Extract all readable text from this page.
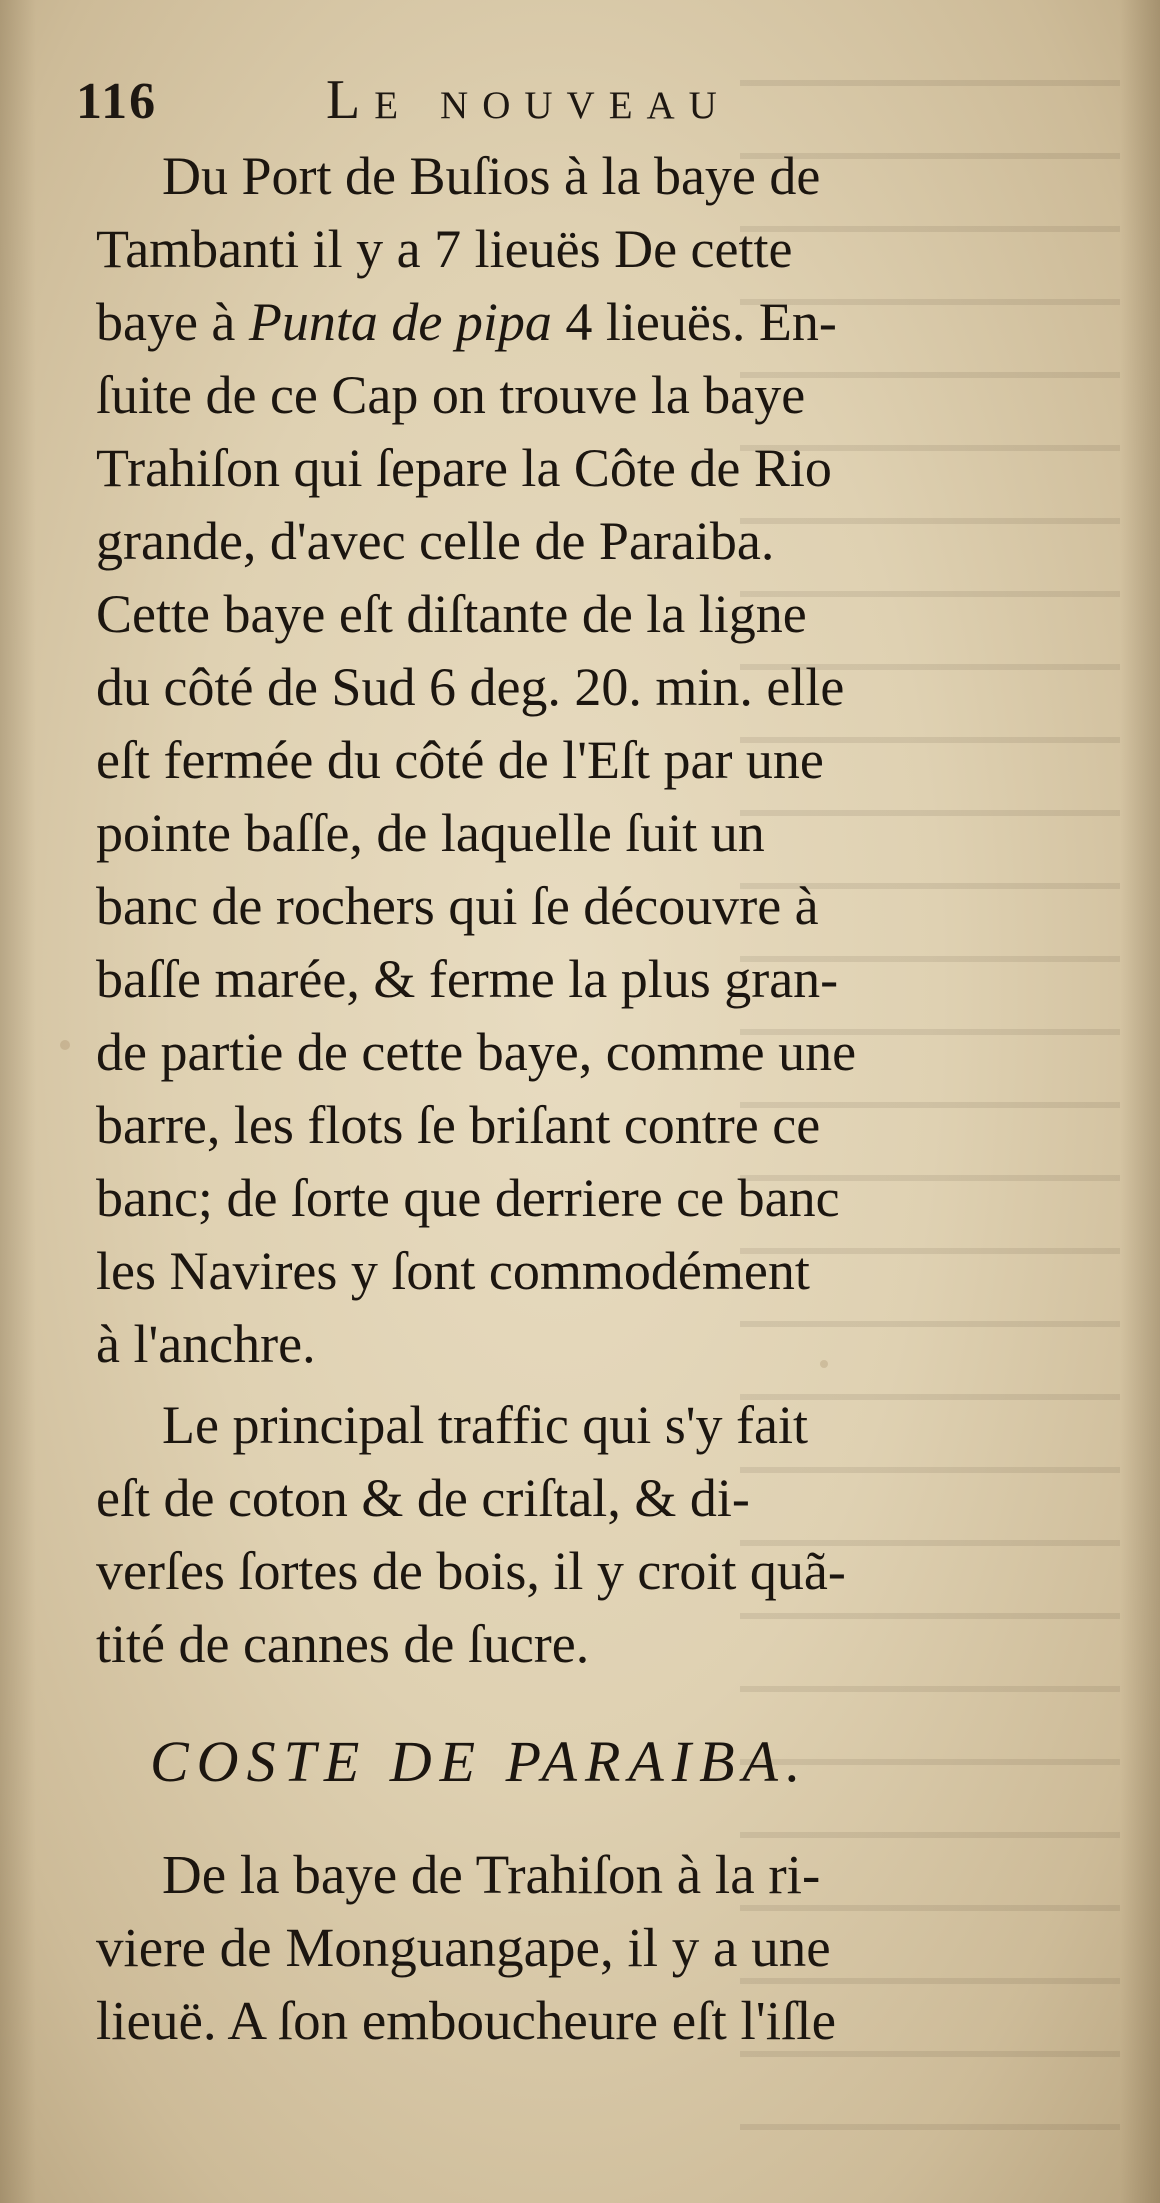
116	Le nouveau
Du Port de Buſios à la baye de
Tambanti il y a 7 lieuës De cette
baye à Punta de pipa 4 lieuës. En-
ſuite de ce Cap on trouve la baye
Trahiſon qui ſepare la Côte de Rio
grande, d'avec celle de Paraiba.
Cette baye eſt diſtante de la ligne
du côté de Sud 6 deg. 20. min. elle
eſt fermée du côté de l'Eſt par une
pointe baſſe, de laquelle ſuit un
banc de rochers qui ſe découvre à
baſſe marée, & ferme la plus gran-
de partie de cette baye, comme une
barre, les flots ſe briſant contre ce
banc; de ſorte que derriere ce banc
les Navires y ſont commodément
à l'anchre.
Le principal traffic qui s'y fait
eſt de coton & de criſtal, & di-
verſes ſortes de bois, il y croit quã-
tité de cannes de ſucre.
COSTE DE PARAIBA.
De la baye de Trahiſon à la ri-
viere de Monguangape, il y a une
lieuë. A ſon emboucheure eſt l'iſle
